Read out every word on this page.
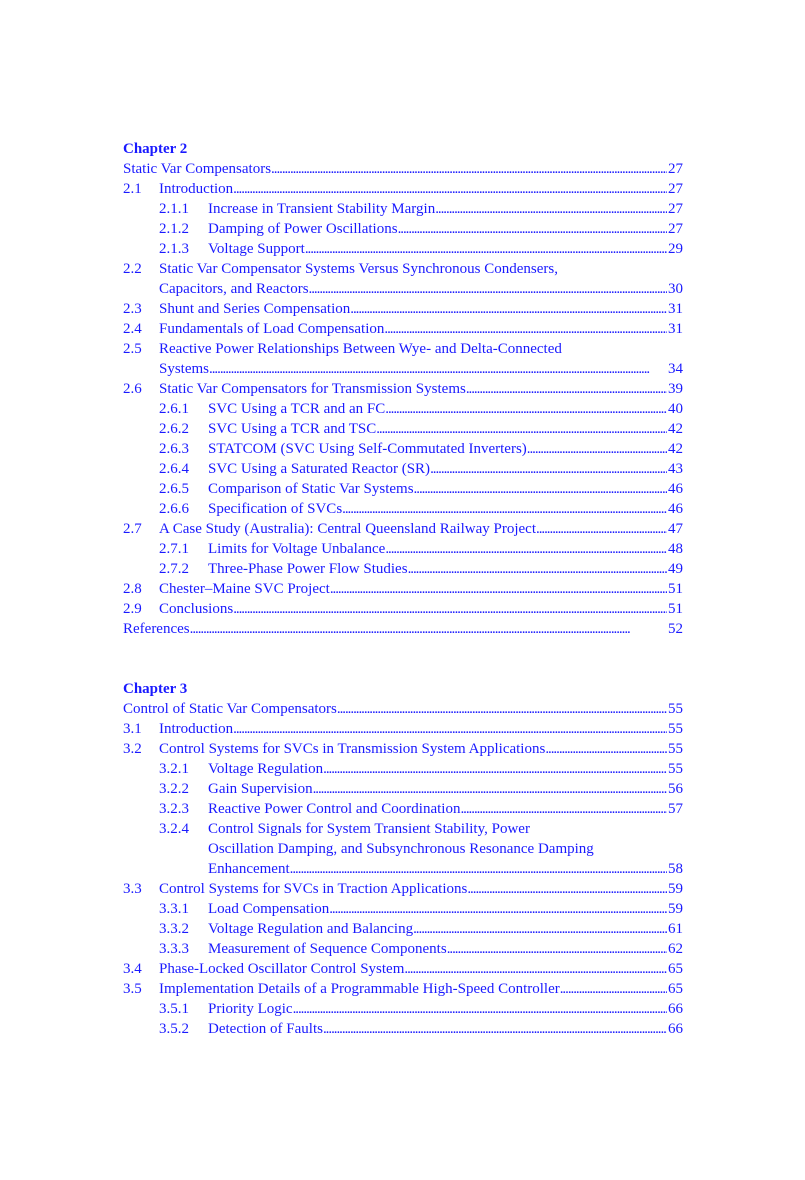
Chapter 2
Static Var Compensators . . .	27
2.1 Introduction . . .	27
2.1.1 Increase in Transient Stability Margin . . .	27
2.1.2 Damping of Power Oscillations . . .	27
2.1.3 Voltage Support . . .	29
2.2 Static Var Compensator Systems Versus Synchronous Condensers,
Capacitors, and Reactors . . .	30
2.3 Shunt and Series Compensation . . .	31
2.4 Fundamentals of Load Compensation . . .	31
2.5 Reactive Power Relationships Between Wye- and Delta-Connected
Systems . . .	34
2.6 Static Var Compensators for Transmission Systems . . .	39
2.6.1 SVC Using a TCR and an FC . . .	40
2.6.2 SVC Using a TCR and TSC . . .	42
2.6.3 STATCOM (SVC Using Self-Commutated Inverters) . . .	42
2.6.4 SVC Using a Saturated Reactor (SR) . . .	43
2.6.5 Comparison of Static Var Systems . . .	46
2.6.6 Specification of SVCs . . .	46
2.7 A Case Study (Australia): Central Queensland Railway Project . . .	47
2.7.1 Limits for Voltage Unbalance . . .	48
2.7.2 Three-Phase Power Flow Studies . . .	49
2.8 Chester–Maine SVC Project . . .	51
2.9 Conclusions . . .	51
References . . .	52
Chapter 3
Control of Static Var Compensators . . .	55
3.1 Introduction . . .	55
3.2 Control Systems for SVCs in Transmission System Applications . . .	55
3.2.1 Voltage Regulation . . .	55
3.2.2 Gain Supervision . . .	56
3.2.3 Reactive Power Control and Coordination . . .	57
3.2.4 Control Signals for System Transient Stability, Power
Oscillation Damping, and Subsynchronous Resonance Damping
Enhancement . . .	58
3.3 Control Systems for SVCs in Traction Applications . . .	59
3.3.1 Load Compensation . . .	59
3.3.2 Voltage Regulation and Balancing . . .	61
3.3.3 Measurement of Sequence Components . . .	62
3.4 Phase-Locked Oscillator Control System . . .	65
3.5 Implementation Details of a Programmable High-Speed Controller . . .	65
3.5.1 Priority Logic . . .	66
3.5.2 Detection of Faults . . .	66
